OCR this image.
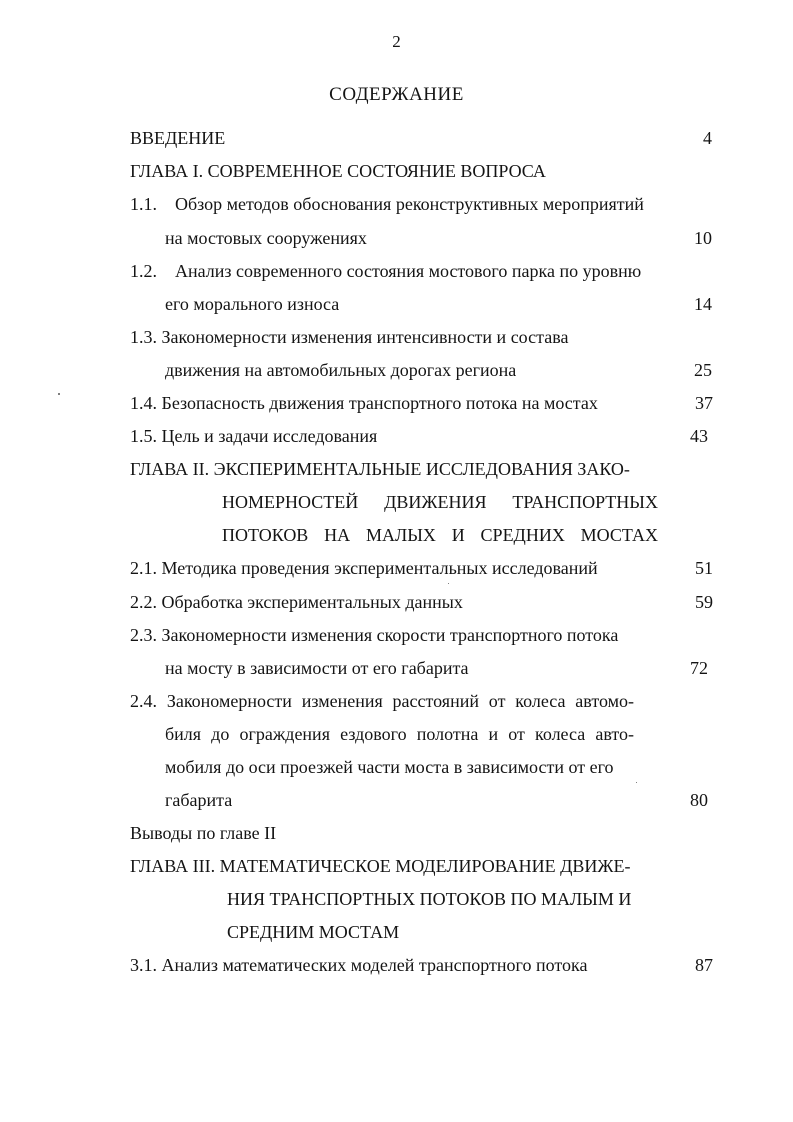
2
СОДЕРЖАНИЕ
ВВЕДЕНИЕ	4
ГЛАВА I. СОВРЕМЕННОЕ СОСТОЯНИЕ ВОПРОСА
1.1.    Обзор методов обоснования реконструктивных мероприятий
на мостовых сооружениях	10
1.2.    Анализ современного состояния мостового парка по уровню
его морального износа	14
1.3. Закономерности изменения интенсивности и состава
движения на автомобильных дорогах региона	25
1.4. Безопасность движения транспортного потока на мостах	37
1.5. Цель и задачи исследования	43
ГЛАВА II. ЭКСПЕРИМЕНТАЛЬНЫЕ ИССЛЕДОВАНИЯ ЗАКО-
НОМЕРНОСТЕЙ ДВИЖЕНИЯ ТРАНСПОРТНЫХ
ПОТОКОВ НА МАЛЫХ И СРЕДНИХ МОСТАХ
2.1. Методика проведения экспериментальных исследований	51
2.2. Обработка экспериментальных данных	59
2.3. Закономерности изменения скорости транспортного потока
на мосту в зависимости от его габарита	72
2.4. Закономерности изменения расстояний от колеса автомо-
биля до ограждения ездового полотна и от колеса авто-
мобиля до оси проезжей части моста в зависимости от его
габарита	80
Выводы по главе II
ГЛАВА III. МАТЕМАТИЧЕСКОЕ МОДЕЛИРОВАНИЕ ДВИЖЕ-
НИЯ ТРАНСПОРТНЫХ ПОТОКОВ ПО МАЛЫМ И
СРЕДНИМ МОСТАМ
3.1. Анализ математических моделей транспортного потока	87
